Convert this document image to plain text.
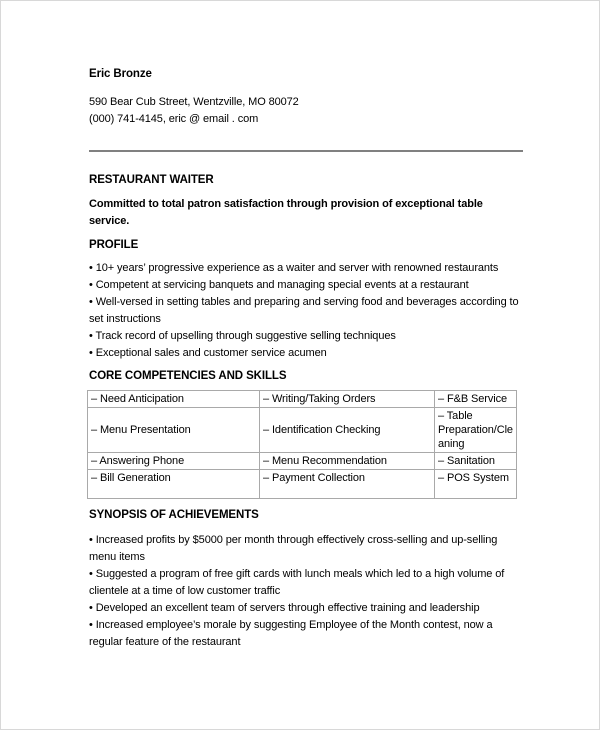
Eric Bronze

590 Bear Cub Street, Wentzville, MO 80072

(000) 741-4145, eric @ email . com

RESTAURANT WAITER

Committed to total patron satisfaction through provision of exceptional table service.

PROFILE

• 10+ years’ progressive experience as a waiter and server with renowned restaurants
• Competent at servicing banquets and managing special events at a restaurant
• Well-versed in setting tables and preparing and serving food and beverages according to set instructions
• Track record of upselling through suggestive selling techniques
• Exceptional sales and customer service acumen

CORE COMPETENCIES AND SKILLS

– Need Anticipation	– Writing/Taking Orders	– F&B Service
– Menu Presentation	– Identification Checking	– Table Preparation/Cleaning
– Answering Phone	– Menu Recommendation	– Sanitation
– Bill Generation	– Payment Collection	– POS System

SYNOPSIS OF ACHIEVEMENTS

• Increased profits by $5000 per month through effectively cross-selling and up-selling menu items
• Suggested a program of free gift cards with lunch meals which led to a high volume of clientele at a time of low customer traffic
• Developed an excellent team of servers through effective training and leadership
• Increased employee’s morale by suggesting Employee of the Month contest, now a regular feature of the restaurant
